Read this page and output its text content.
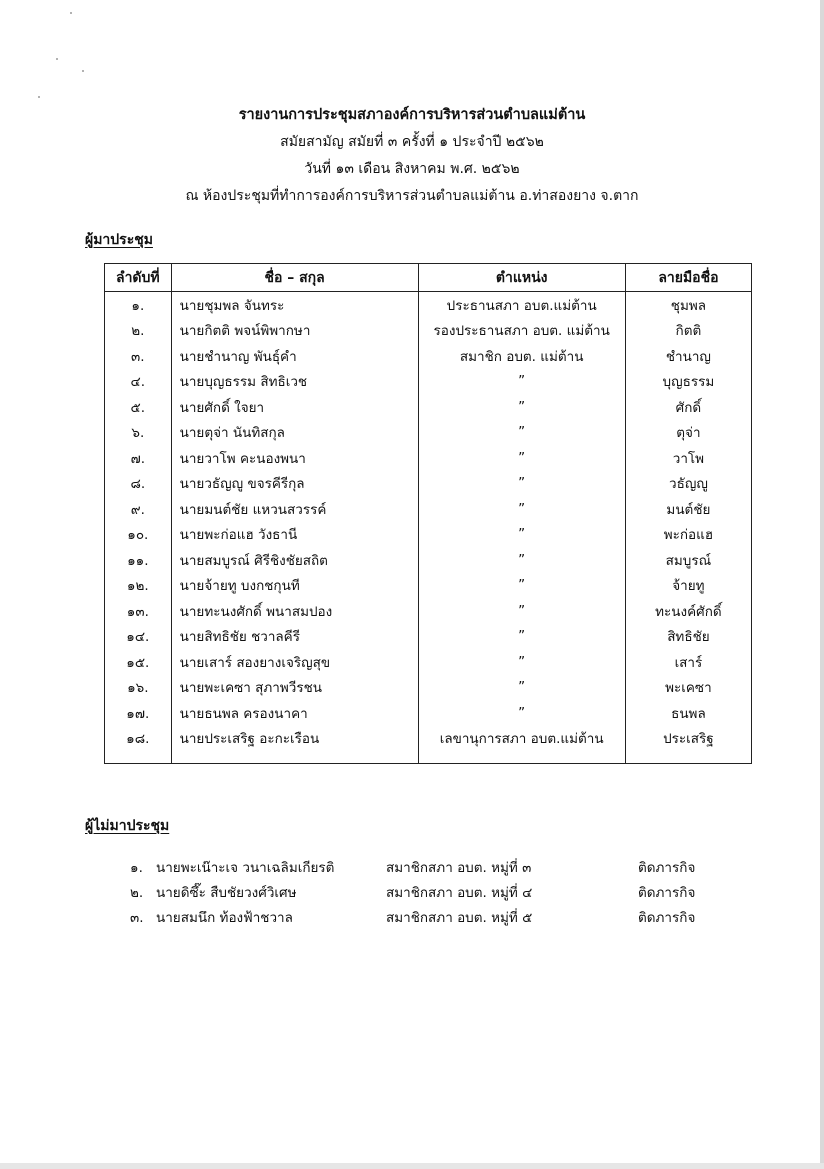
รายงานการประชุมสภาองค์การบริหารส่วนตำบลแม่ต้าน
สมัยสามัญ สมัยที่ ๓ ครั้งที่ ๑ ประจำปี ๒๕๖๒
วันที่ ๑๓ เดือน สิงหาคม พ.ศ. ๒๕๖๒
ณ ห้องประชุมที่ทำการองค์การบริหารส่วนตำบลแม่ต้าน อ.ท่าสองยาง จ.ตาก
ผู้มาประชุม
ลำดับที่	ชื่อ – สกุล	ตำแหน่ง	ลายมือชื่อ
๑.	นายชุมพล จันทระ	ประธานสภา อบต.แม่ต้าน	ชุมพล
๒.	นายกิตติ พจน์พิพากษา	รองประธานสภา อบต. แม่ต้าน	กิตติ
๓.	นายชำนาญ พันธุ์คำ	สมาชิก อบต. แม่ต้าน	ชำนาญ
๔.	นายบุญธรรม สิทธิเวช	”	บุญธรรม
๕.	นายศักดิ์ ใจยา	”	ศักดิ์
๖.	นายตุจ่า นันทิสกุล	”	ตุจ่า
๗.	นายวาโพ คะนองพนา	”	วาโพ
๘.	นายวธัญญู ขจรคีรีกุล	”	วธัญญู
๙.	นายมนต์ชัย แหวนสวรรค์	”	มนต์ชัย
๑๐.	นายพะก่อแฮ วังธานี	”	พะก่อแฮ
๑๑.	นายสมบูรณ์ ศิรีชิงชัยสถิต	”	สมบูรณ์
๑๒.	นายจ้ายทู บงกชกุนที	”	จ้ายทู
๑๓.	นายทะนงศักดิ์ พนาสมปอง	”	ทะนงค์ศักดิ์
๑๔.	นายสิทธิชัย ชวาลคีรี	”	สิทธิชัย
๑๕.	นายเสาร์ สองยางเจริญสุข	”	เสาร์
๑๖.	นายพะเคซา สุภาพวีรชน	”	พะเคซา
๑๗.	นายธนพล ครองนาคา	”	ธนพล
๑๘.	นายประเสริฐ อะกะเรือน	เลขานุการสภา อบต.แม่ต้าน	ประเสริฐ

ผู้ไม่มาประชุม
๑. นายพะเน๊าะเจ วนาเฉลิมเกียรติ	สมาชิกสภา อบต. หมู่ที่ ๓	ติดภารกิจ
๒. นายดิซึ๊ะ สืบชัยวงศ์วิเศษ	สมาชิกสภา อบต. หมู่ที่ ๔	ติดภารกิจ
๓. นายสมนึก ท้องฟ้าชวาล	สมาชิกสภา อบต. หมู่ที่ ๕	ติดภารกิจ
